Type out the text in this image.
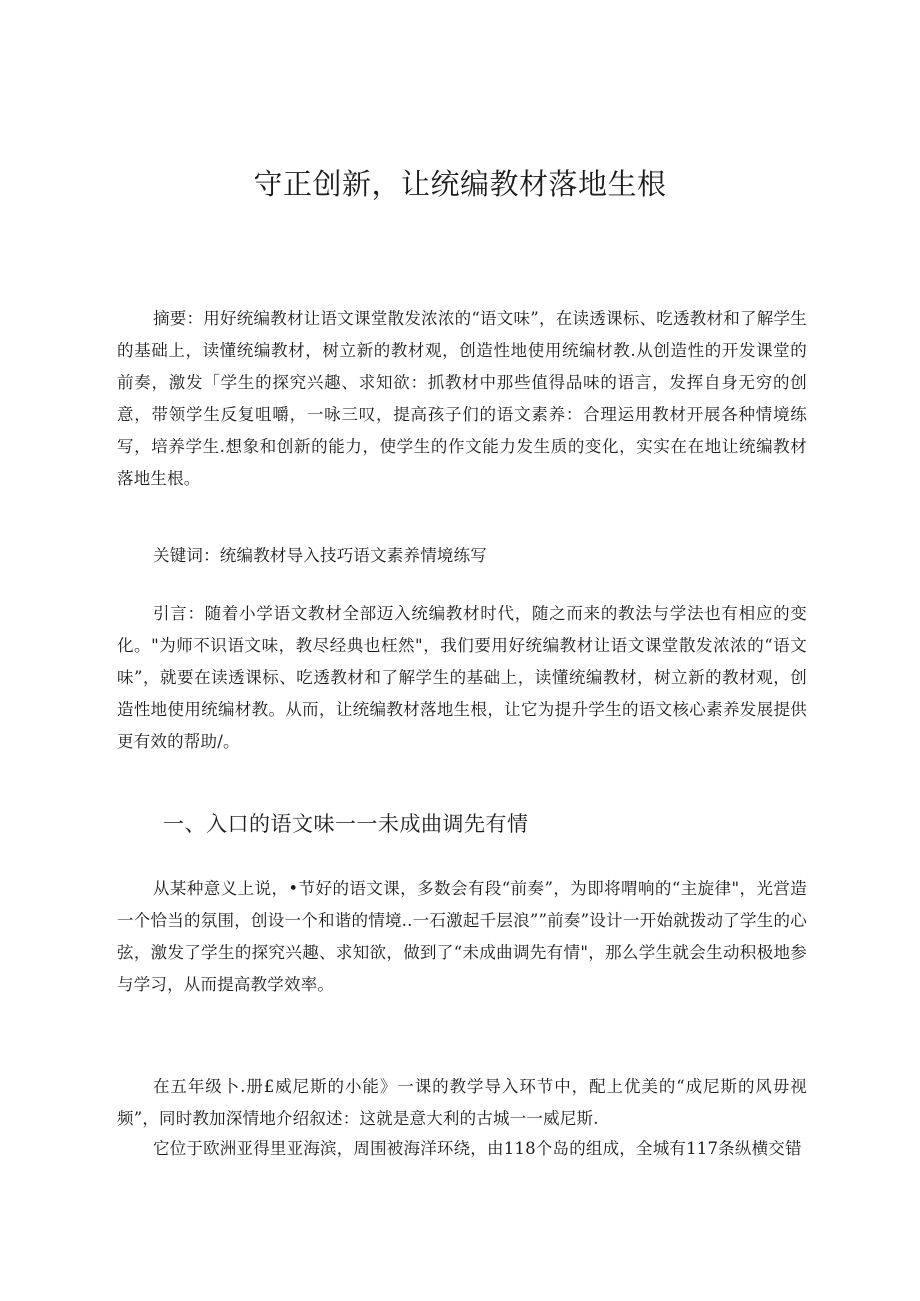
守正创新，让统编教材落地生根

摘要：用好统编教材让语文课堂散发浓浓的“语文味”，在读透课标、吃透教材和了解学生的基础上，读懂统编教材，树立新的教材观，创造性地使用统编材教.从创造性的开发课堂的前奏，激发「学生的探究兴趣、求知欲：抓教材中那些值得品味的语言，发挥自身无穷的创意，带领学生反复咀嚼，一咏三叹，提高孩子们的语文素养：合理运用教材开展各种情境练写，培养学生.想象和创新的能力，使学生的作文能力发生质的变化，实实在在地让统编教材落地生根。

关键词：统编教材导入技巧语文素养情境练写

引言：随着小学语文教材全部迈入统编教材时代，随之而来的教法与学法也有相应的变化。"为师不识语文味，教尽经典也枉然"，我们要用好统编教材让语文课堂散发浓浓的“语文味”，就要在读透课标、吃透教材和了解学生的基础上，读懂统编教材，树立新的教材观，创造性地使用统编材教。从而，让统编教材落地生根，让它为提升学生的语文核心素养发展提供更有效的帮助/。

一、入口的语文味一一未成曲调先有情

从某种意义上说，•节好的语文课，多数会有段“前奏”，为即将喟响的“主旋律"，光営造一个恰当的氛围，创设一个和谐的情境..一石激起千层浪””前奏”设计一开始就拨动了学生的心弦，激发了学生的探究兴趣、求知欲，做到了“未成曲调先有情"，那么学生就会生动积极地参与学习，从而提高教学效率。

在五年级卜.册£威尼斯的小能》一课的教学导入环节中，配上优美的“成尼斯的风毋视频”，同时教加深情地介绍叙述：这就是意大利的古城一一威尼斯.

它位于欧洲亚得里亚海滨，周围被海洋环绕，由118个岛的组成，全城有117条纵横交错
